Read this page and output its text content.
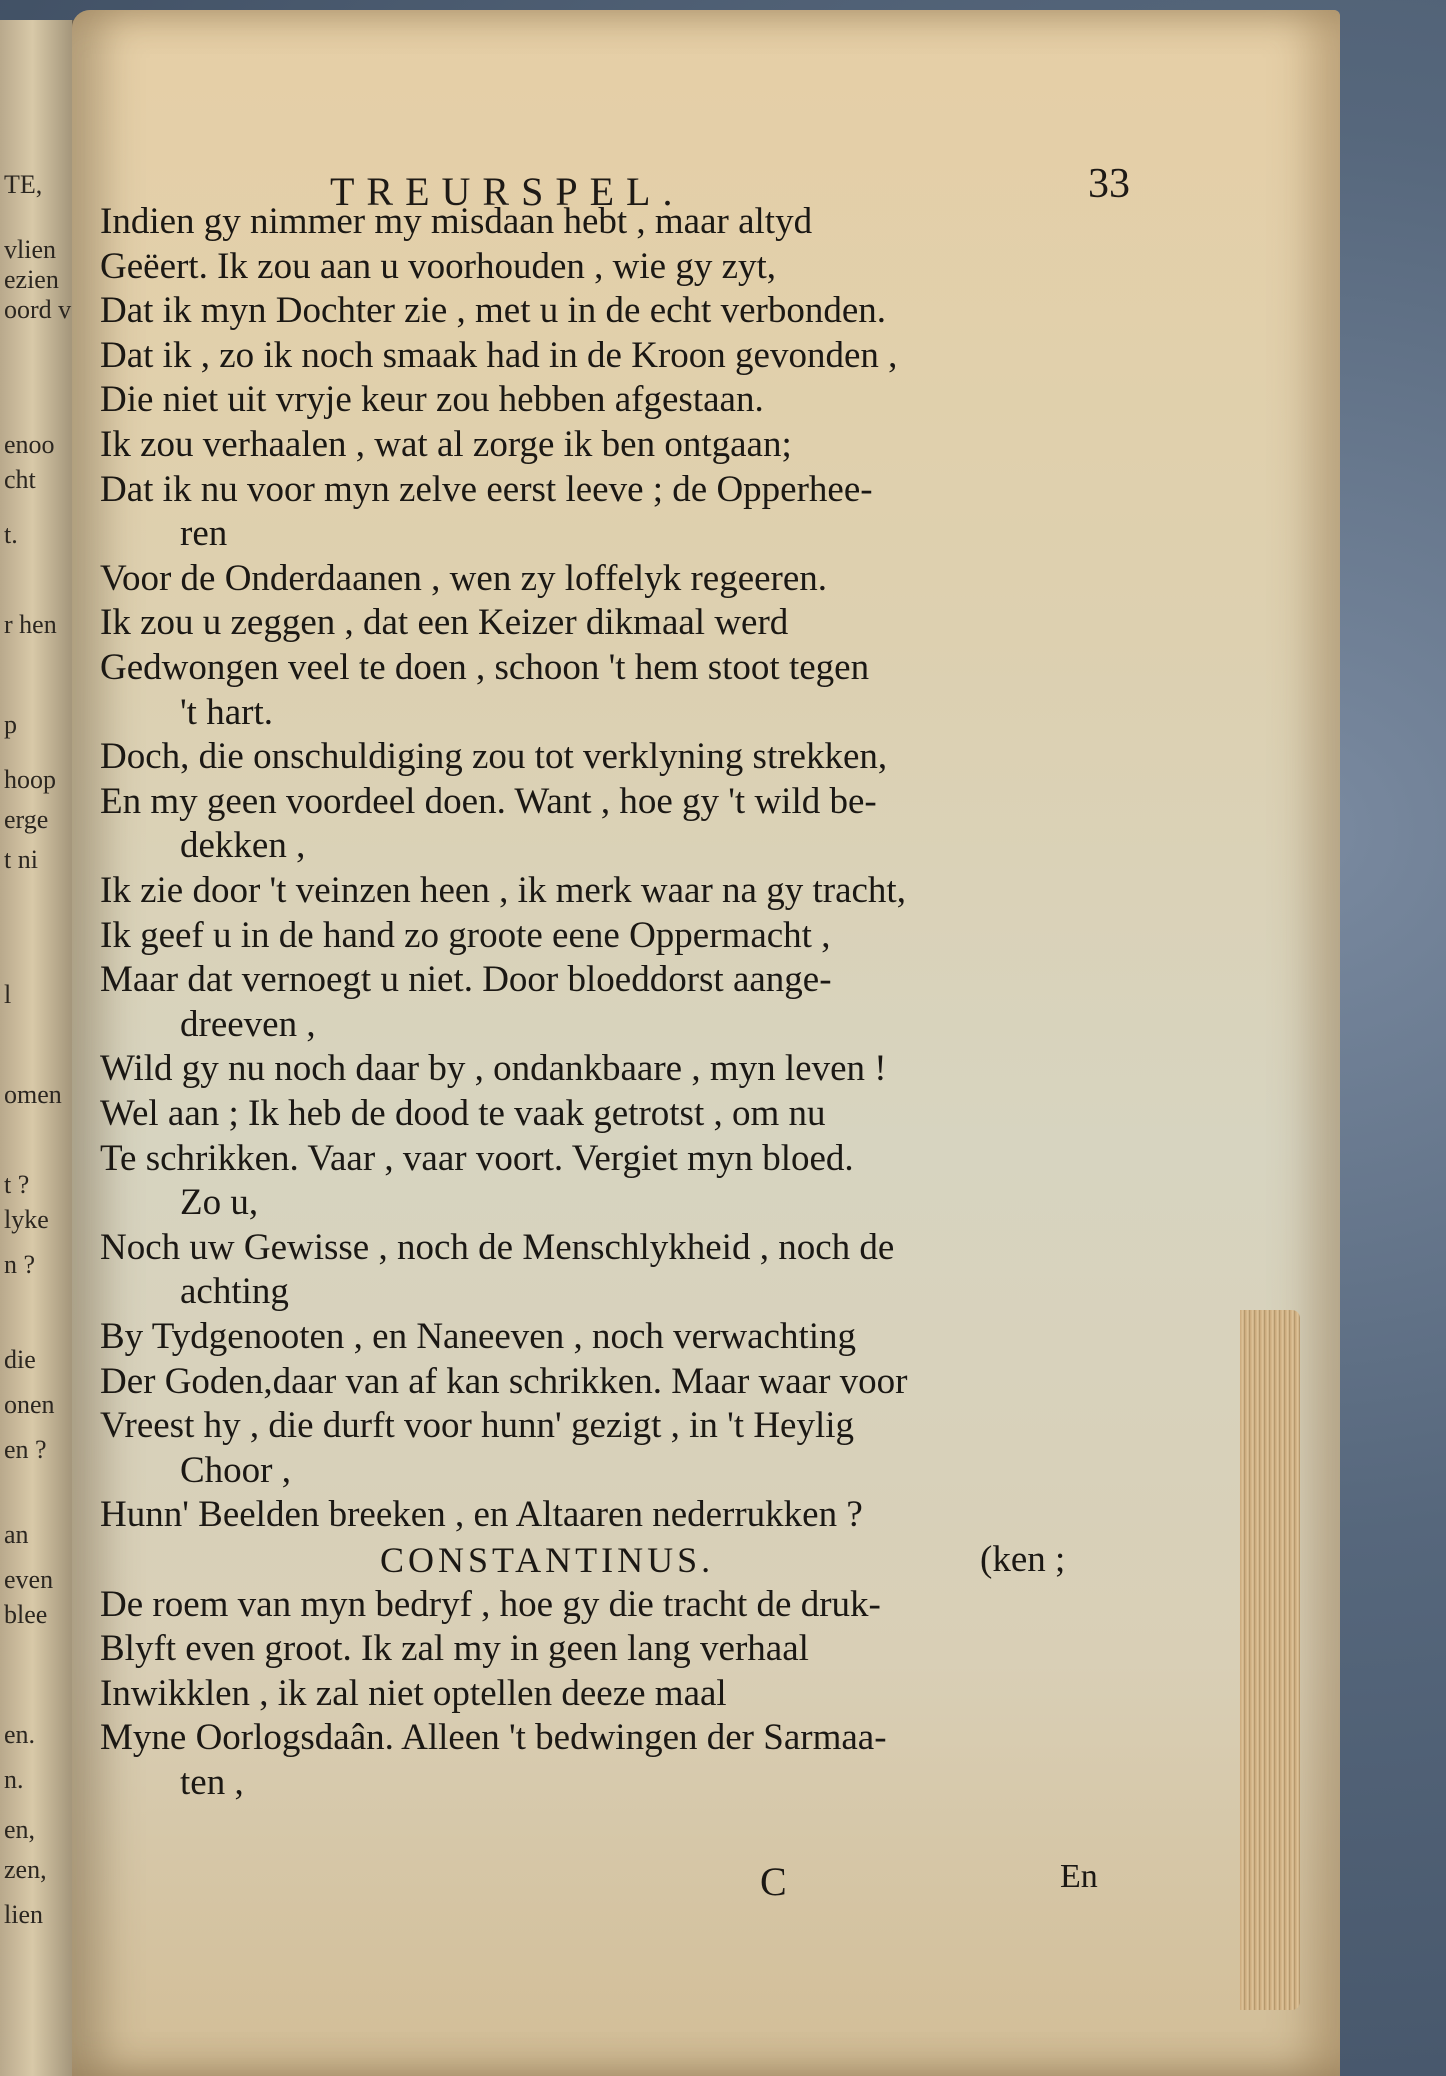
TE,
vlien
ezien
oord v
enoo
cht
t.
r hen
p
hoop
erge
t ni
l
omen
t ?
lyke
n ?
die
onen
en ?
an
even
blee
en.
n.
en,
zen,
lien
TREURSPEL.	33
Indien gy nimmer my misdaan hebt , maar altyd
Geëert. Ik zou aan u voorhouden , wie gy zyt,
Dat ik myn Dochter zie , met u in de echt verbonden.
Dat ik , zo ik noch smaak had in de Kroon gevonden ,
Die niet uit vryje keur zou hebben afgestaan.
Ik zou verhaalen , wat al zorge ik ben ontgaan;
Dat ik nu voor myn zelve eerst leeve ; de Opperhee-
ren
Voor de Onderdaanen , wen zy loffelyk regeeren.
Ik zou u zeggen , dat een Keizer dikmaal werd
Gedwongen veel te doen , schoon 't hem stoot tegen
't hart.
Doch, die onschuldiging zou tot verklyning strekken,
En my geen voordeel doen. Want , hoe gy 't wild be-
dekken ,
Ik zie door 't veinzen heen , ik merk waar na gy tracht,
Ik geef u in de hand zo groote eene Oppermacht ,
Maar dat vernoegt u niet. Door bloeddorst aange-
dreeven ,
Wild gy nu noch daar by , ondankbaare , myn leven !
Wel aan ; Ik heb de dood te vaak getrotst , om nu
Te schrikken. Vaar , vaar voort. Vergiet myn bloed.
Zo u,
Noch uw Gewisse , noch de Menschlykheid , noch de
achting
By Tydgenooten , en Naneeven , noch verwachting
Der Goden,daar van af kan schrikken. Maar waar voor
Vreest hy , die durft voor hunn' gezigt , in 't Heylig
Choor ,
Hunn' Beelden breeken , en Altaaren nederrukken ?
CONSTANTINUS.	(ken ;
De roem van myn bedryf , hoe gy die tracht de druk-
Blyft even groot. Ik zal my in geen lang verhaal
Inwikklen , ik zal niet optellen deeze maal
Myne Oorlogsdaân. Alleen 't bedwingen der Sarmaa-
ten ,
C	En
